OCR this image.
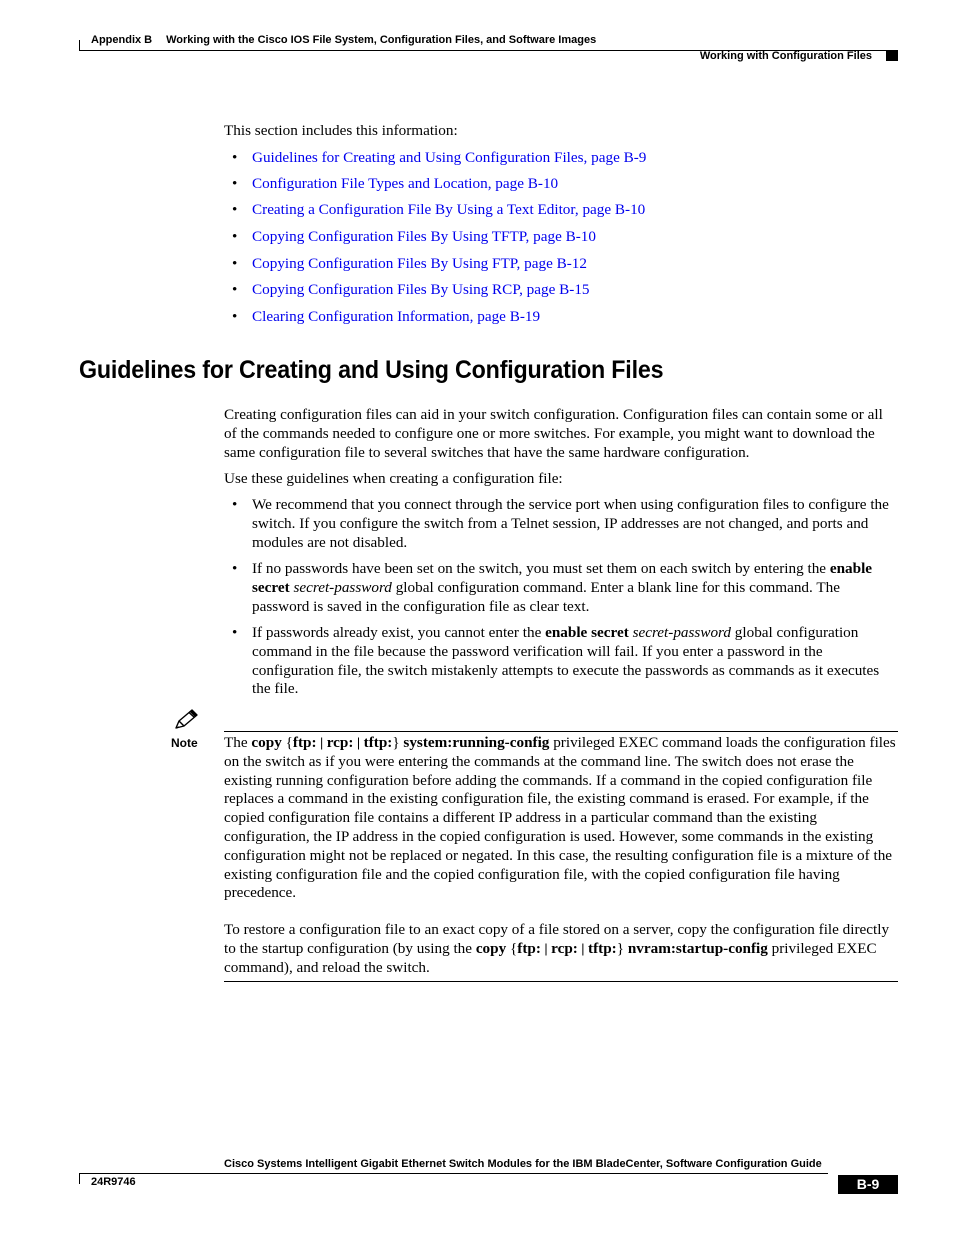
Appendix B Working with the Cisco IOS File System, Configuration Files, and Software Images
Working with Configuration Files

This section includes this information:

• Guidelines for Creating and Using Configuration Files, page B-9
• Configuration File Types and Location, page B-10
• Creating a Configuration File By Using a Text Editor, page B-10
• Copying Configuration Files By Using TFTP, page B-10
• Copying Configuration Files By Using FTP, page B-12
• Copying Configuration Files By Using RCP, page B-15
• Clearing Configuration Information, page B-19
Guidelines for Creating and Using Configuration Files

Creating configuration files can aid in your switch configuration. Configuration files can contain some or all of the commands needed to configure one or more switches. For example, you might want to download the same configuration file to several switches that have the same hardware configuration.

Use these guidelines when creating a configuration file:

• We recommend that you connect through the service port when using configuration files to configure the switch. If you configure the switch from a Telnet session, IP addresses are not changed, and ports and modules are not disabled.
• If no passwords have been set on the switch, you must set them on each switch by entering the enable secret secret-password global configuration command. Enter a blank line for this command. The password is saved in the configuration file as clear text.
• If passwords already exist, you cannot enter the enable secret secret-password global configuration command in the file because the password verification will fail. If you enter a password in the configuration file, the switch mistakenly attempts to execute the passwords as commands as it executes the file.
Note The copy {ftp: | rcp: | tftp:} system:running-config privileged EXEC command loads the configuration files on the switch as if you were entering the commands at the command line. The switch does not erase the existing running configuration before adding the commands. If a command in the copied configuration file replaces a command in the existing configuration file, the existing command is erased. For example, if the copied configuration file contains a different IP address in a particular command than the existing configuration, the IP address in the copied configuration is used. However, some commands in the existing configuration might not be replaced or negated. In this case, the resulting configuration file is a mixture of the existing configuration file and the copied configuration file, with the copied configuration file having precedence.

To restore a configuration file to an exact copy of a file stored on a server, copy the configuration file directly to the startup configuration (by using the copy {ftp: | rcp: | tftp:} nvram:startup-config privileged EXEC command), and reload the switch.

Cisco Systems Intelligent Gigabit Ethernet Switch Modules for the IBM BladeCenter, Software Configuration Guide
24R9746	B-9
